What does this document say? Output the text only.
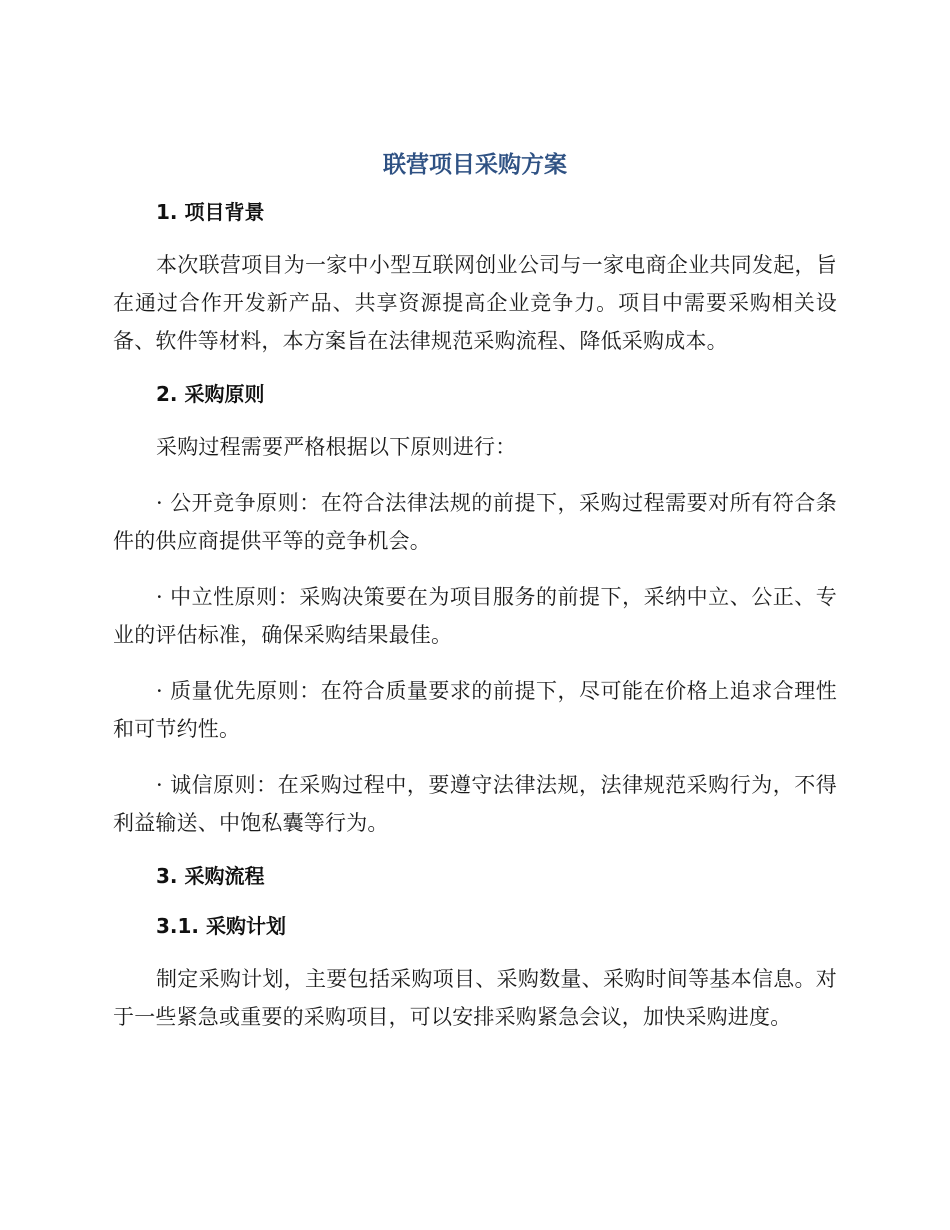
联营项目采购方案
1. 项目背景

本次联营项目为一家中小型互联网创业公司与一家电商企业共同发起，旨在通过合作开发新产品、共享资源提高企业竞争力。项目中需要采购相关设备、软件等材料，本方案旨在法律规范采购流程、降低采购成本。

2. 采购原则

采购过程需要严格根据以下原则进行：

· 公开竞争原则：在符合法律法规的前提下，采购过程需要对所有符合条件的供应商提供平等的竞争机会。

· 中立性原则：采购决策要在为项目服务的前提下，采纳中立、公正、专业的评估标准，确保采购结果最佳。

· 质量优先原则：在符合质量要求的前提下，尽可能在价格上追求合理性和可节约性。

· 诚信原则：在采购过程中，要遵守法律法规，法律规范采购行为，不得利益输送、中饱私囊等行为。

3. 采购流程
3.1. 采购计划

制定采购计划，主要包括采购项目、采购数量、采购时间等基本信息。对于一些紧急或重要的采购项目，可以安排采购紧急会议，加快采购进度。
